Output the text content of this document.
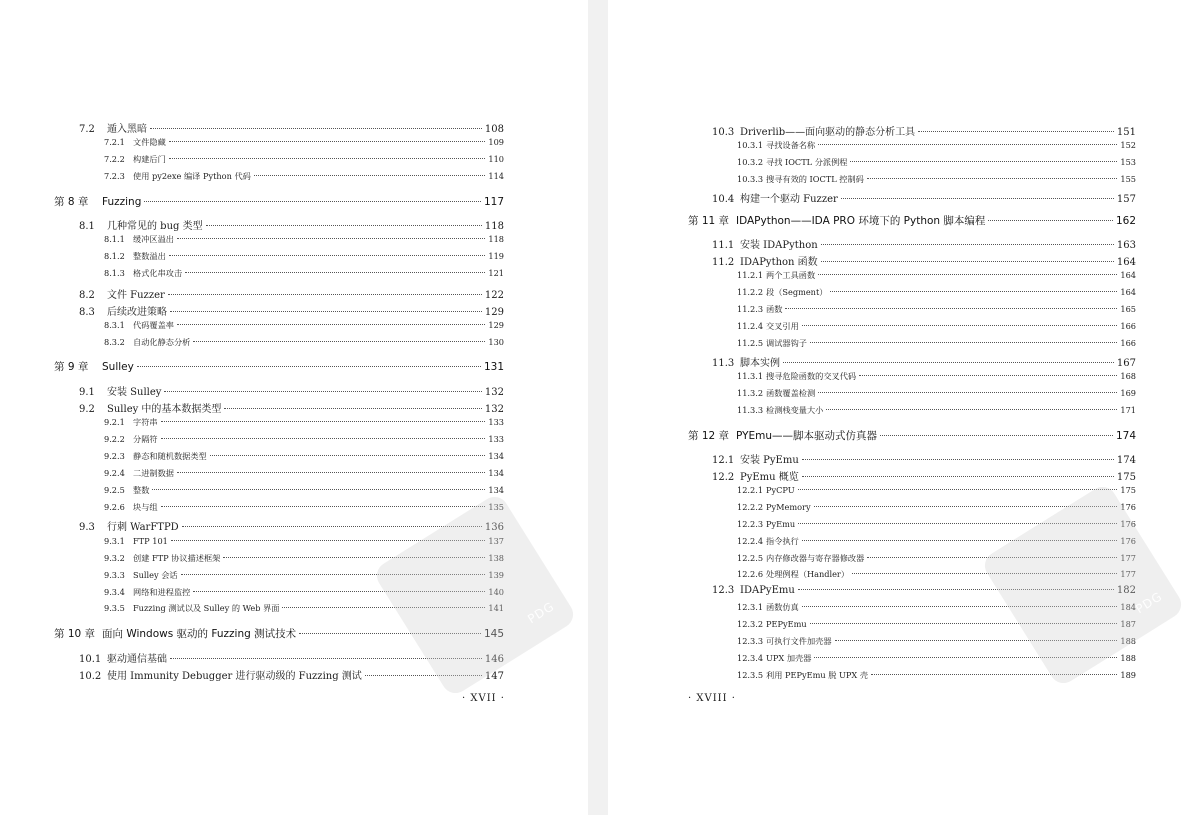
7.2	遁入黑暗	108
7.2.1 文件隐藏	109
7.2.2 构建后门	110
7.2.3 使用 py2exe 编译 Python 代码	114
第 8 章	Fuzzing	117
8.1	几种常见的 bug 类型	118
8.1.1 缓冲区溢出	118
8.1.2 整数溢出	119
8.1.3 格式化串攻击	121
8.2	文件 Fuzzer	122
8.3	后续改进策略	129
8.3.1 代码覆盖率	129
8.3.2 自动化静态分析	130
第 9 章	Sulley	131
9.1	安装 Sulley	132
9.2	Sulley 中的基本数据类型	132
9.2.1 字符串	133
9.2.2 分隔符	133
9.2.3 静态和随机数据类型	134
9.2.4 二进制数据	134
9.2.5 整数	134
9.2.6 块与组	135
9.3	行刺 WarFTPD	136
9.3.1 FTP 101	137
9.3.2 创建 FTP 协议描述框架	138
9.3.3 Sulley 会话	139
9.3.4 网络和进程监控	140
9.3.5 Fuzzing 测试以及 Sulley 的 Web 界面	141
第 10 章 面向 Windows 驱动的 Fuzzing 测试技术	145
10.1 驱动通信基础	146
10.2 使用 Immunity Debugger 进行驱动级的 Fuzzing 测试	147
PDG
· XVII ·
10.3 Driverlib——面向驱动的静态分析工具	151
10.3.1 寻找设备名称	152
10.3.2 寻找 IOCTL 分派例程	153
10.3.3 搜寻有效的 IOCTL 控制码	155
10.4 构建一个驱动 Fuzzer	157
第 11 章 IDAPython——IDA PRO 环境下的 Python 脚本编程	162
11.1 安装 IDAPython	163
11.2 IDAPython 函数	164
11.2.1 两个工具函数	164
11.2.2 段（Segment）	164
11.2.3 函数	165
11.2.4 交叉引用	166
11.2.5 调试器钩子	166
11.3 脚本实例	167
11.3.1 搜寻危险函数的交叉代码	168
11.3.2 函数覆盖检测	169
11.3.3 检测栈变量大小	171
第 12 章 PYEmu——脚本驱动式仿真器	174
12.1 安装 PyEmu	174
12.2 PyEmu 概览	175
12.2.1 PyCPU	175
12.2.2 PyMemory	176
12.2.3 PyEmu	176
12.2.4 指令执行	176
12.2.5 内存修改器与寄存器修改器	177
12.2.6 处理例程（Handler）	177
12.3 IDAPyEmu	182
12.3.1 函数仿真	184
12.3.2 PEPyEmu	187
12.3.3 可执行文件加壳器	188
12.3.4 UPX 加壳器	188
12.3.5 利用 PEPyEmu 脱 UPX 壳	189
PDG
· XVIII ·
